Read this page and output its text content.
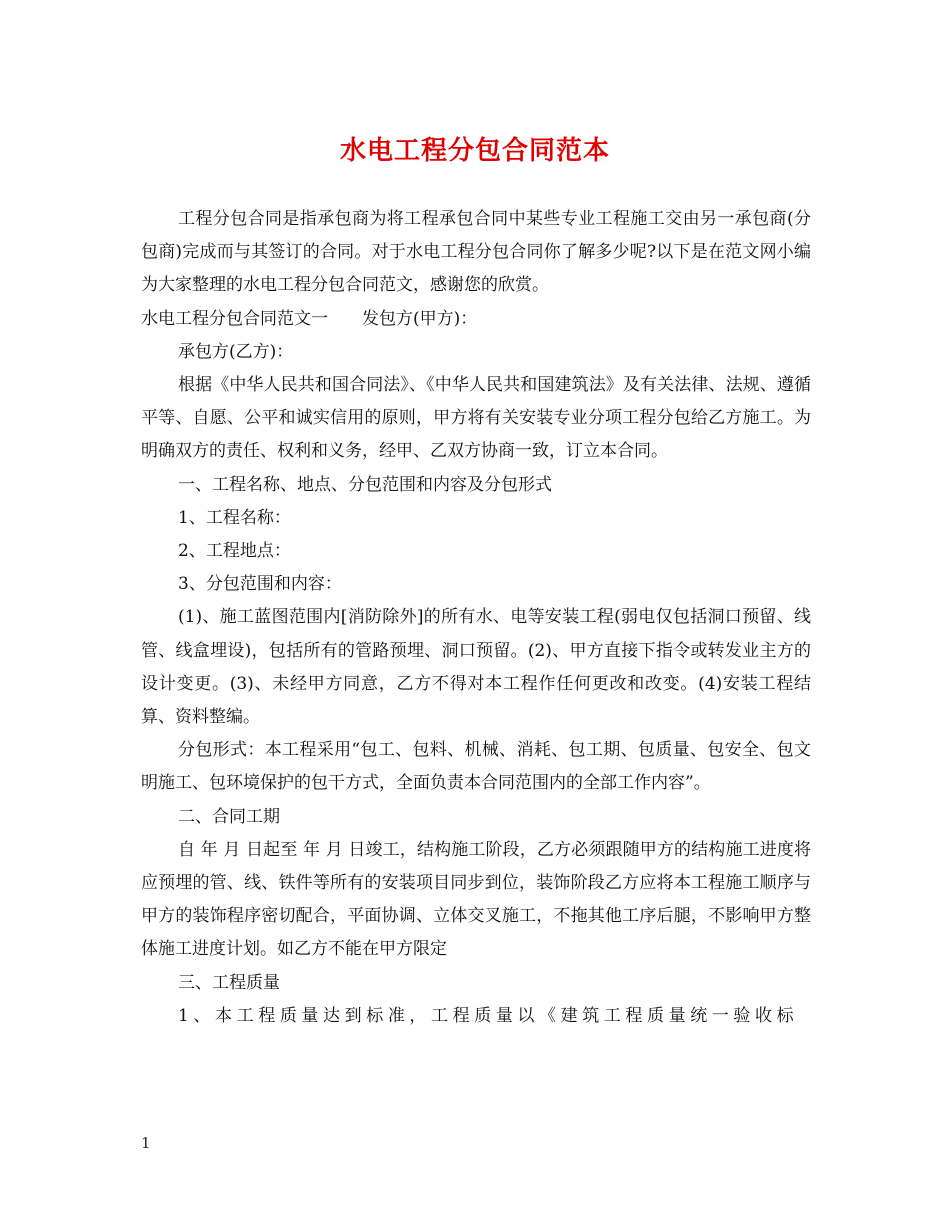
水电工程分包合同范本

工程分包合同是指承包商为将工程承包合同中某些专业工程施工交由另一承包商(分包商)完成而与其签订的合同。对于水电工程分包合同你了解多少呢?以下是在范文网小编为大家整理的水电工程分包合同范文，感谢您的欣赏。

水电工程分包合同范文一 发包方(甲方)：

承包方(乙方)：

根据《中华人民共和国合同法》、《中华人民共和国建筑法》及有关法律、法规、遵循平等、自愿、公平和诚实信用的原则，甲方将有关安装专业分项工程分包给乙方施工。为明确双方的责任、权利和义务，经甲、乙双方协商一致，订立本合同。

一、工程名称、地点、分包范围和内容及分包形式

1、工程名称：

2、工程地点：

3、分包范围和内容：

(1)、施工蓝图范围内[消防除外]的所有水、电等安装工程(弱电仅包括洞口预留、线管、线盒埋设)，包括所有的管路预埋、洞口预留。(2)、甲方直接下指令或转发业主方的设计变更。(3)、未经甲方同意，乙方不得对本工程作任何更改和改变。(4)安装工程结算、资料整编。

分包形式：本工程采用“包工、包料、机械、消耗、包工期、包质量、包安全、包文明施工、包环境保护的包干方式，全面负责本合同范围内的全部工作内容”。

二、合同工期

自 年 月 日起至 年 月 日竣工，结构施工阶段，乙方必须跟随甲方的结构施工进度将应预埋的管、线、铁件等所有的安装项目同步到位，装饰阶段乙方应将本工程施工顺序与甲方的装饰程序密切配合，平面协调、立体交叉施工，不拖其他工序后腿，不影响甲方整体施工进度计划。如乙方不能在甲方限定

三、工程质量

1、本工程质量达到标准，工程质量以《建筑工程质量统一验收标

1
